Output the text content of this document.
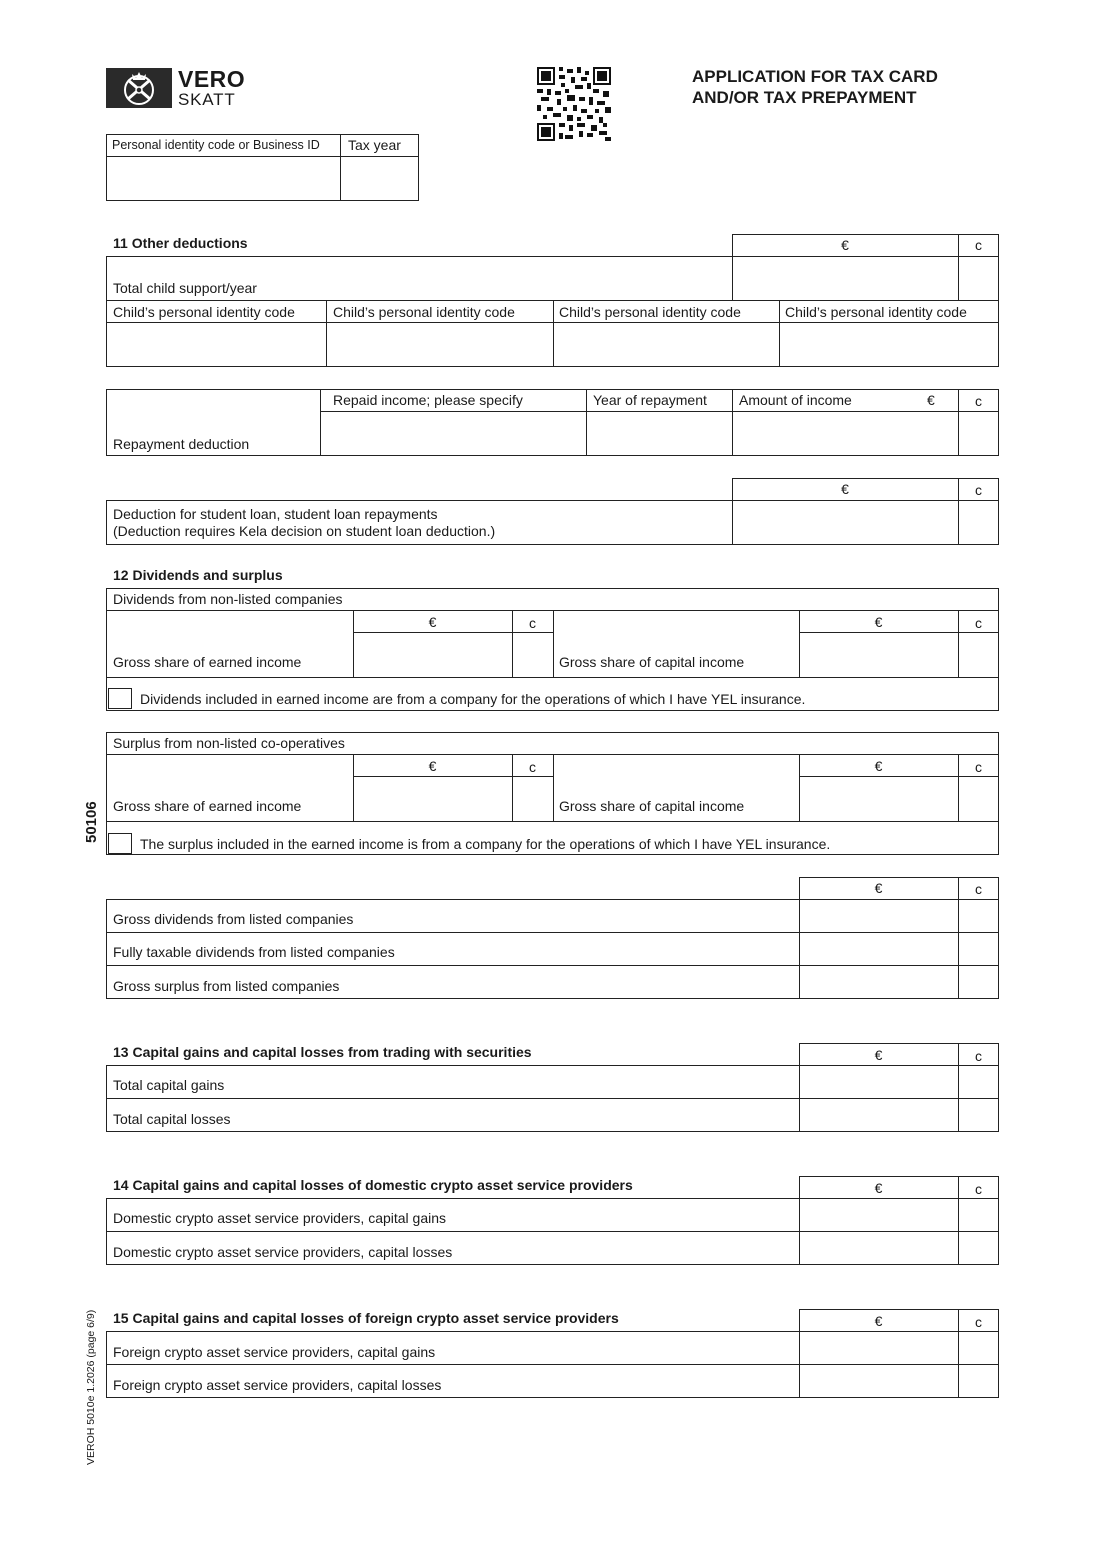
VERO
SKATT
APPLICATION FOR TAX CARD
AND/OR TAX PREPAYMENT
Personal identity code or Business ID Tax year
11 Other deductions	€	c
Total child support/year
Child’s personal identity code	Child’s personal identity code	Child’s personal identity code	Child’s personal identity code
Repaid income; please specify	Year of repayment Amount of income	€	c
Repayment deduction
€	c
Deduction for student loan, student loan repayments
(Deduction requires Kela decision on student loan deduction.)
12 Dividends and surplus
Dividends from non-listed companies
€	c	€	c
Gross share of earned income	Gross share of capital income
Dividends included in earned income are from a company for the operations of which I have YEL insurance.
Surplus from non-listed co-operatives
€	c	€	c
Gross share of earned income	Gross share of capital income
The surplus included in the earned income is from a company for the operations of which I have YEL insurance.
€	c
Gross dividends from listed companies
Fully taxable dividends from listed companies
Gross surplus from listed companies
13 Capital gains and capital losses from trading with securities	€	c
Total capital gains
Total capital losses
14 Capital gains and capital losses of domestic crypto asset service providers	€	c
Domestic crypto asset service providers, capital gains
Domestic crypto asset service providers, capital losses
15 Capital gains and capital losses of foreign crypto asset service providers	€	c
Foreign crypto asset service providers, capital gains
Foreign crypto asset service providers, capital losses
50106
VEROH 5010e 1.2026 (page 6/9)
